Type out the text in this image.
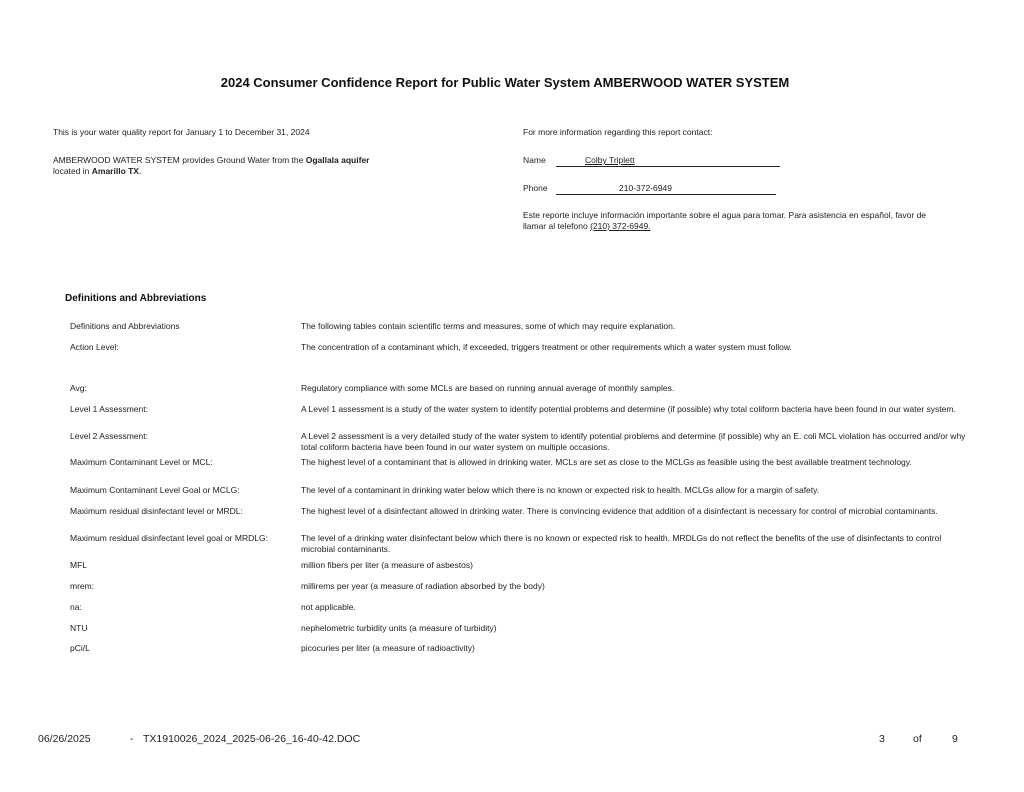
2024 Consumer Confidence Report for Public Water System AMBERWOOD WATER SYSTEM
This is your water quality report for January 1 to December 31, 2024
AMBERWOOD WATER SYSTEM provides Ground Water from the Ogallala aquifer
located in Amarillo TX.
For more information regarding this report contact:
Name	Colby Triplett

Phone	210-372-6949

Este reporte incluye información importante sobre el agua para tomar. Para asistencia en español, favor de
llamar al telefono (210) 372-6949.
Definitions and Abbreviations
Definitions and Abbreviations	The following tables contain scientific terms and measures, some of which may require explanation.
Action Level:	The concentration of a contaminant which, if exceeded, triggers treatment or other requirements which a water system must follow.
Avg:	Regulatory compliance with some MCLs are based on running annual average of monthly samples.
Level 1 Assessment:	A Level 1 assessment is a study of the water system to identify potential problems and determine (if possible) why total coliform bacteria have been found in our water system.
Level 2 Assessment:	A Level 2 assessment is a very detailed study of the water system to identify potential problems and determine (if possible) why an E. coli MCL violation has occurred and/or why total coliform bacteria have been found in our water system on multiple occasions.
Maximum Contaminant Level or MCL:	The highest level of a contaminant that is allowed in drinking water. MCLs are set as close to the MCLGs as feasible using the best available treatment technology.
Maximum Contaminant Level Goal or MCLG:	The level of a contaminant in drinking water below which there is no known or expected risk to health. MCLGs allow for a margin of safety.
Maximum residual disinfectant level or MRDL:	The highest level of a disinfectant allowed in drinking water. There is convincing evidence that addition of a disinfectant is necessary for control of microbial contaminants.
Maximum residual disinfectant level goal or MRDLG:	The level of a drinking water disinfectant below which there is no known or expected risk to health. MRDLGs do not reflect the benefits of the use of disinfectants to control microbial contaminants.
MFL	million fibers per liter (a measure of asbestos)
mrem:	millirems per year (a measure of radiation absorbed by the body)
na:	not applicable.
NTU	nephelometric turbidity units (a measure of turbidity)
pCi/L	picocuries per liter (a measure of radioactivity)
06/26/2025	- TX1910026_2024_2025-06-26_16-40-42.DOC	3	of	9
